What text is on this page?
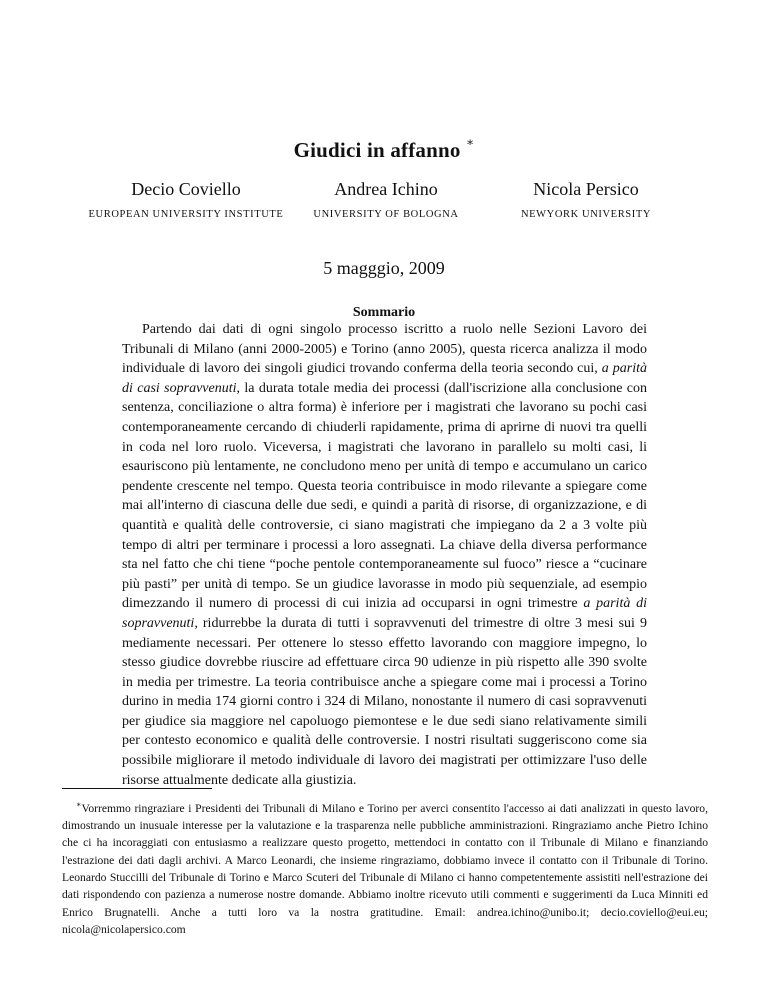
Giudici in affanno ∗
Decio Coviello
EUROPEAN UNIVERSITY INSTITUTE
Andrea Ichino
UNIVERSITY OF BOLOGNA
Nicola Persico
NEWYORK UNIVERSITY
5 magggio, 2009
Sommario

Partendo dai dati di ogni singolo processo iscritto a ruolo nelle Sezioni Lavoro dei Tribunali di Milano (anni 2000-2005) e Torino (anno 2005), questa ricerca analizza il modo individuale di lavoro dei singoli giudici trovando conferma della teoria secondo cui, a parità di casi sopravvenuti, la durata totale media dei processi (dall'iscrizione alla conclusione con sentenza, conciliazione o altra forma) è inferiore per i magistrati che lavorano su pochi casi contemporaneamente cercando di chiuderli rapidamente, prima di aprirne di nuovi tra quelli in coda nel loro ruolo. Viceversa, i magistrati che lavorano in parallelo su molti casi, li esauriscono più lentamente, ne concludono meno per unità di tempo e accumulano un carico pendente crescente nel tempo. Questa teoria contribuisce in modo rilevante a spiegare come mai all'interno di ciascuna delle due sedi, e quindi a parità di risorse, di organizzazione, e di quantità e qualità delle controversie, ci siano magistrati che impiegano da 2 a 3 volte più tempo di altri per terminare i processi a loro assegnati. La chiave della diversa performance sta nel fatto che chi tiene “poche pentole contemporaneamente sul fuoco” riesce a “cucinare più pasti” per unità di tempo. Se un giudice lavorasse in modo più sequenziale, ad esempio dimezzando il numero di processi di cui inizia ad occuparsi in ogni trimestre a parità di sopravvenuti, ridurrebbe la durata di tutti i sopravvenuti del trimestre di oltre 3 mesi sui 9 mediamente necessari. Per ottenere lo stesso effetto lavorando con maggiore impegno, lo stesso giudice dovrebbe riuscire ad effettuare circa 90 udienze in più rispetto alle 390 svolte in media per trimestre. La teoria contribuisce anche a spiegare come mai i processi a Torino durino in media 174 giorni contro i 324 di Milano, nonostante il numero di casi sopravvenuti per giudice sia maggiore nel capoluogo piemontese e le due sedi siano relativamente simili per contesto economico e qualità delle controversie. I nostri risultati suggeriscono come sia possibile migliorare il metodo individuale di lavoro dei magistrati per ottimizzare l'uso delle risorse attualmente dedicate alla giustizia.

∗Vorremmo ringraziare i Presidenti dei Tribunali di Milano e Torino per averci consentito l'accesso ai dati analizzati in questo lavoro, dimostrando un inusuale interesse per la valutazione e la trasparenza nelle pubbliche amministrazioni. Ringraziamo anche Pietro Ichino che ci ha incoraggiati con entusiasmo a realizzare questo progetto, mettendoci in contatto con il Tribunale di Milano e finanziando l'estrazione dei dati dagli archivi. A Marco Leonardi, che insieme ringraziamo, dobbiamo invece il contatto con il Tribunale di Torino. Leonardo Stuccilli del Tribunale di Torino e Marco Scuteri del Tribunale di Milano ci hanno competentemente assistiti nell'estrazione dei dati rispondendo con pazienza a numerose nostre domande. Abbiamo inoltre ricevuto utili commenti e suggerimenti da Luca Minniti ed Enrico Brugnatelli. Anche a tutti loro va la nostra gratitudine. Email: andrea.ichino@unibo.it; decio.coviello@eui.eu; nicola@nicolapersico.com
